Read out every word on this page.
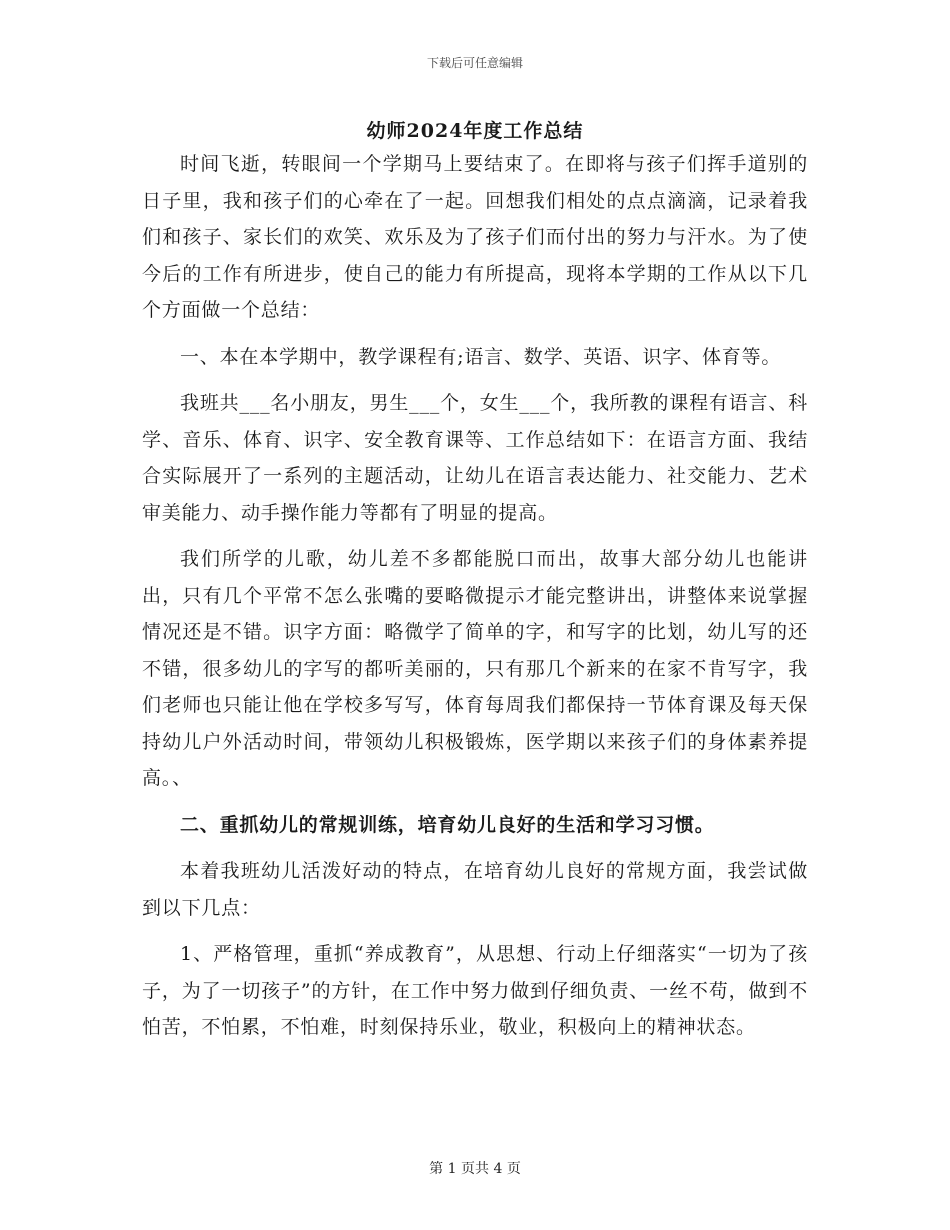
下载后可任意编辑
幼师2024年度工作总结

时间飞逝，转眼间一个学期马上要结束了。在即将与孩子们挥手道别的日子里，我和孩子们的心牵在了一起。回想我们相处的点点滴滴，记录着我们和孩子、家长们的欢笑、欢乐及为了孩子们而付出的努力与汗水。为了使今后的工作有所进步，使自己的能力有所提高，现将本学期的工作从以下几个方面做一个总结：

一、本在本学期中，教学课程有;语言、数学、英语、识字、体育等。

我班共___名小朋友，男生___个，女生___个，我所教的课程有语言、科学、音乐、体育、识字、安全教育课等、工作总结如下：在语言方面、我结合实际展开了一系列的主题活动，让幼儿在语言表达能力、社交能力、艺术审美能力、动手操作能力等都有了明显的提高。

我们所学的儿歌，幼儿差不多都能脱口而出，故事大部分幼儿也能讲出，只有几个平常不怎么张嘴的要略微提示才能完整讲出，讲整体来说掌握情况还是不错。识字方面：略微学了简单的字，和写字的比划，幼儿写的还不错，很多幼儿的字写的都听美丽的，只有那几个新来的在家不肯写字，我们老师也只能让他在学校多写写，体育每周我们都保持一节体育课及每天保持幼儿户外活动时间，带领幼儿积极锻炼，医学期以来孩子们的身体素养提高。、

二、重抓幼儿的常规训练，培育幼儿良好的生活和学习习惯。

本着我班幼儿活泼好动的特点，在培育幼儿良好的常规方面，我尝试做到以下几点：

1、严格管理，重抓“养成教育”，从思想、行动上仔细落实“一切为了孩子，为了一切孩子”的方针，在工作中努力做到仔细负责、一丝不苟，做到不怕苦，不怕累，不怕难，时刻保持乐业，敬业，积极向上的精神状态。

第 1 页共 4 页
